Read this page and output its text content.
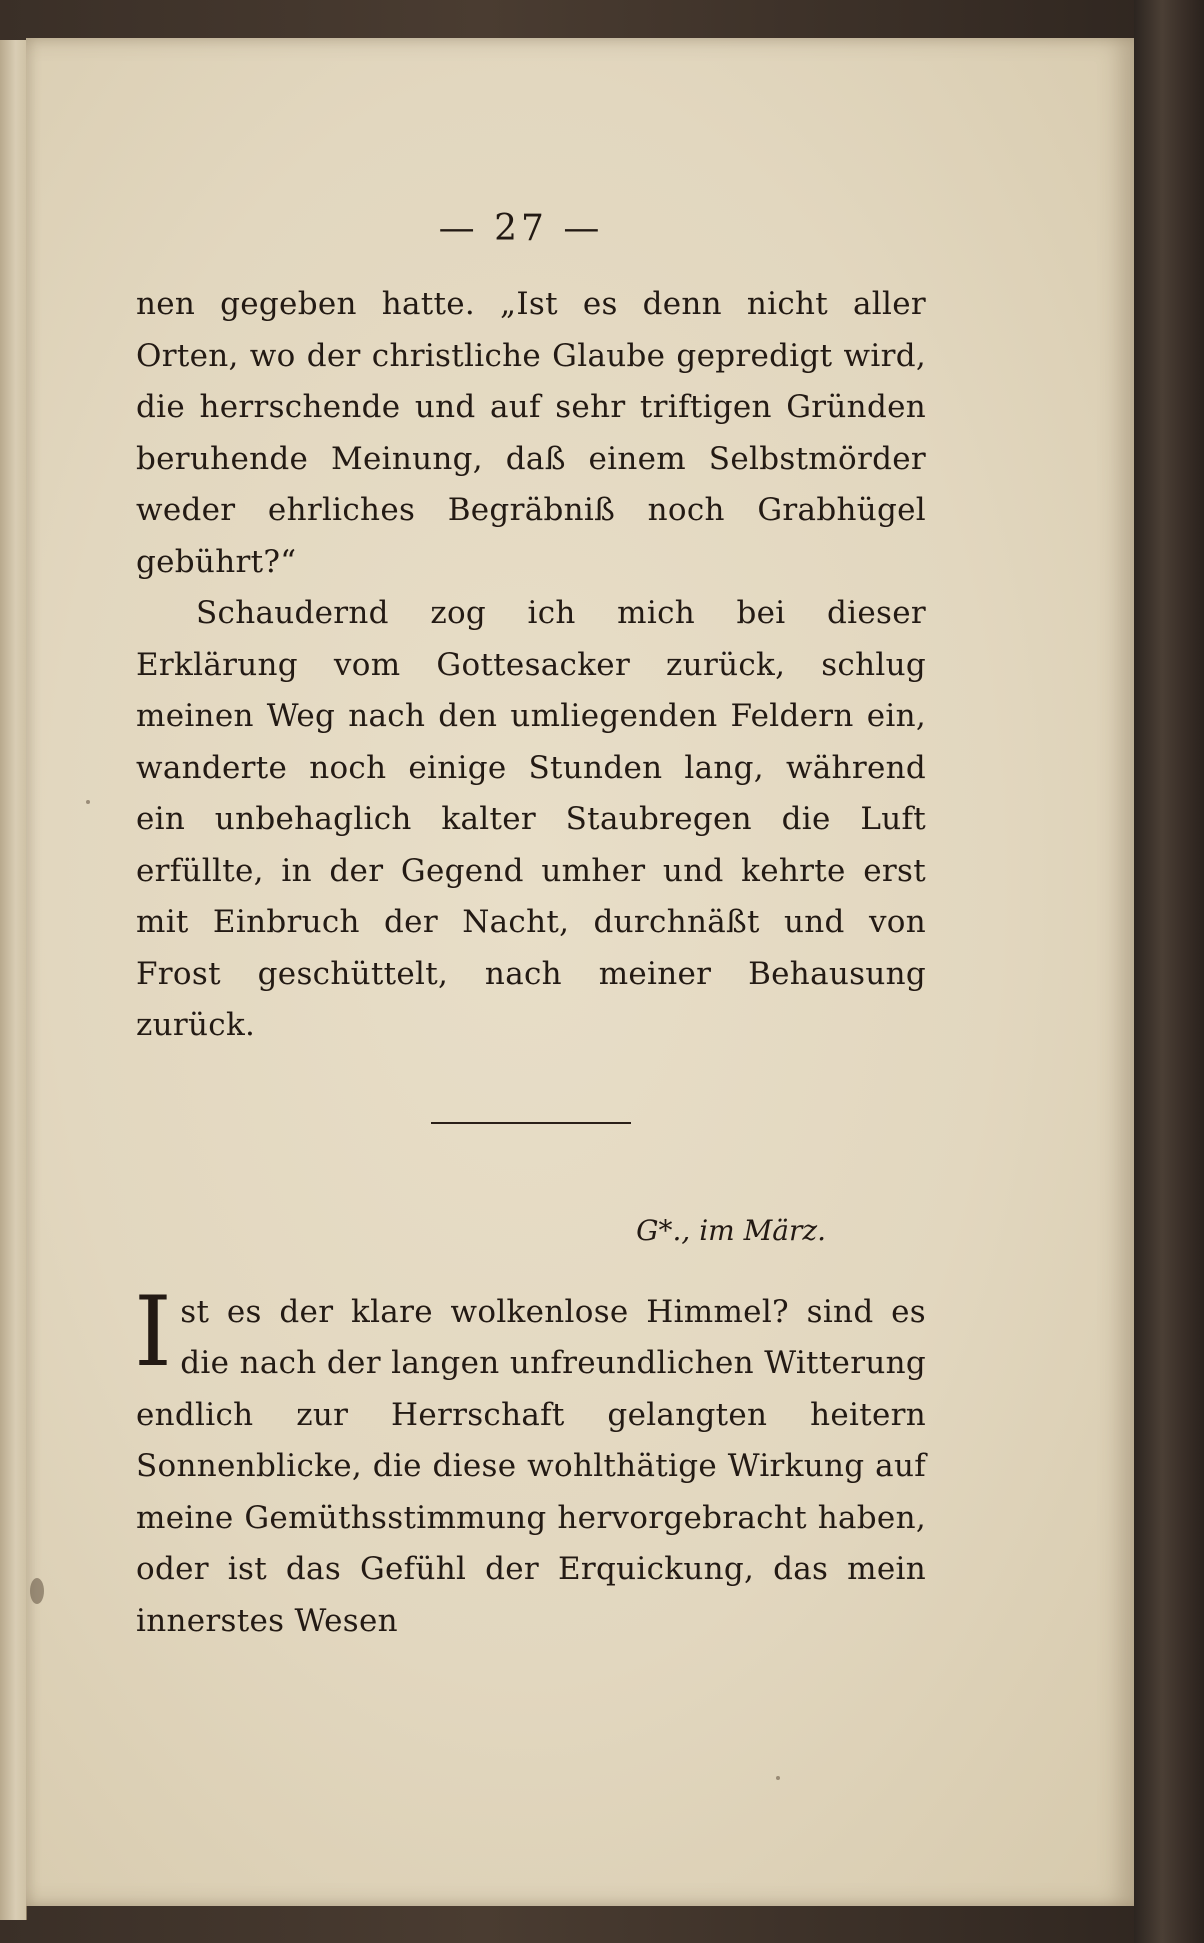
— 27 —

nen gegeben hatte. „Ist es denn nicht aller Orten, wo der christliche Glaube gepredigt wird, die herrschende und auf sehr triftigen Gründen beruhende Meinung, daß einem Selbstmörder weder ehrliches Begräbniß noch Grabhügel gebührt?“

Schaudernd zog ich mich bei dieser Erklärung vom Gottesacker zurück, schlug meinen Weg nach den umliegenden Feldern ein, wanderte noch einige Stunden lang, während ein unbehaglich kalter Staubregen die Luft erfüllte, in der Gegend umher und kehrte erst mit Einbruch der Nacht, durchnäßt und von Frost geschüttelt, nach meiner Behausung zurück.

G*., im März.

Ist es der klare wolkenlose Himmel? sind es die nach der langen unfreundlichen Witterung endlich zur Herrschaft gelangten heitern Sonnenblicke, die diese wohlthätige Wirkung auf meine Gemüthsstimmung hervorgebracht haben, oder ist das Gefühl der Erquickung, das mein innerstes Wesen
